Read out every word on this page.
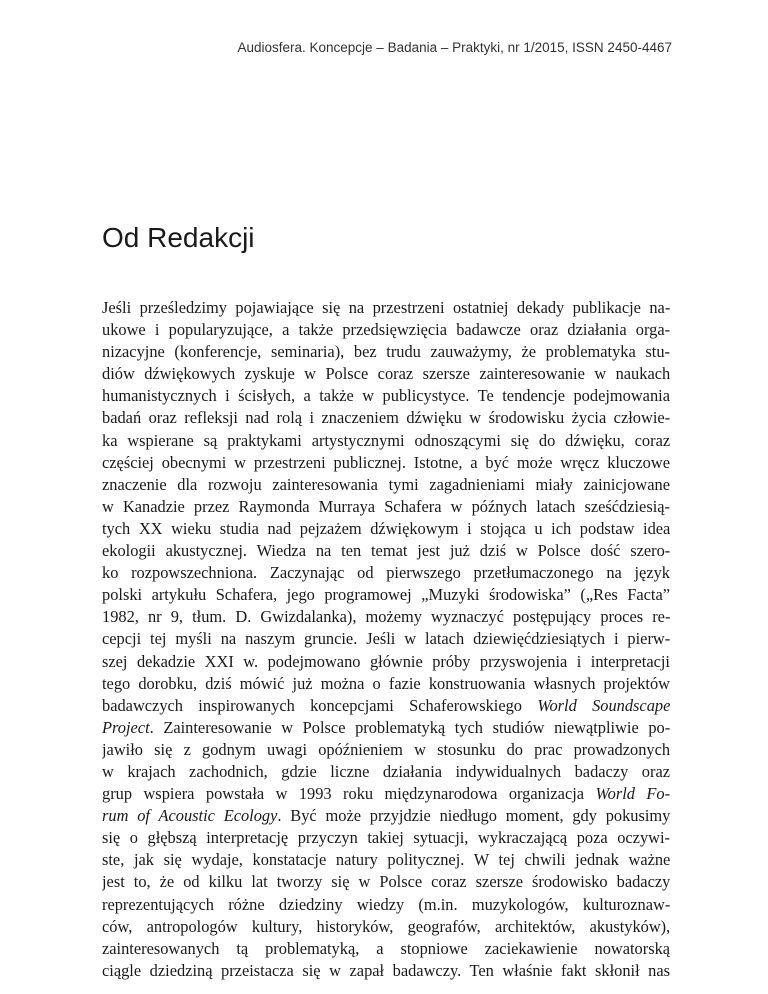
Audiosfera. Koncepcje – Badania – Praktyki, nr 1/2015, ISSN 2450-4467
Od Redakcji
Jeśli prześledzimy pojawiające się na przestrzeni ostatniej dekady publikacje na-
ukowe i popularyzujące, a także przedsięwzięcia badawcze oraz działania orga-
nizacyjne (konferencje, seminaria), bez trudu zauważymy, że problematyka stu-
diów dźwiękowych zyskuje w Polsce coraz szersze zainteresowanie w naukach
humanistycznych i ścisłych, a także w publicystyce. Te tendencje podejmowania
badań oraz refleksji nad rolą i znaczeniem dźwięku w środowisku życia człowie-
ka wspierane są praktykami artystycznymi odnoszącymi się do dźwięku, coraz
częściej obecnymi w przestrzeni publicznej. Istotne, a być może wręcz kluczowe
znaczenie dla rozwoju zainteresowania tymi zagadnieniami miały zainicjowane
w Kanadzie przez Raymonda Murraya Schafera w późnych latach sześćdziesią-
tych XX wieku studia nad pejzażem dźwiękowym i stojąca u ich podstaw idea
ekologii akustycznej. Wiedza na ten temat jest już dziś w Polsce dość szero-
ko rozpowszechniona. Zaczynając od pierwszego przetłumaczonego na język
polski artykułu Schafera, jego programowej „Muzyki środowiska” („Res Facta”
1982, nr 9, tłum. D. Gwizdalanka), możemy wyznaczyć postępujący proces re-
cepcji tej myśli na naszym gruncie. Jeśli w latach dziewięćdziesiątych i pierw-
szej dekadzie XXI w. podejmowano głównie próby przyswojenia i interpretacji
tego dorobku, dziś mówić już można o fazie konstruowania własnych projektów
badawczych inspirowanych koncepcjami Schaferowskiego World Soundscape
Project. Zainteresowanie w Polsce problematyką tych studiów niewątpliwie po-
jawiło się z godnym uwagi opóźnieniem w stosunku do prac prowadzonych
w krajach zachodnich, gdzie liczne działania indywidualnych badaczy oraz
grup wspiera powstała w 1993 roku międzynarodowa organizacja World Fo-
rum of Acoustic Ecology. Być może przyjdzie niedługo moment, gdy pokusimy
się o głębszą interpretację przyczyn takiej sytuacji, wykraczającą poza oczywi-
ste, jak się wydaje, konstatacje natury politycznej. W tej chwili jednak ważne
jest to, że od kilku lat tworzy się w Polsce coraz szersze środowisko badaczy
reprezentujących różne dziedziny wiedzy (m.in. muzykologów, kulturoznaw-
ców, antropologów kultury, historyków, geografów, architektów, akustyków),
zainteresowanych tą problematyką, a stopniowe zaciekawienie nowatorską
ciągle dziedziną przeistacza się w zapał badawczy. Ten właśnie fakt skłonił nas
